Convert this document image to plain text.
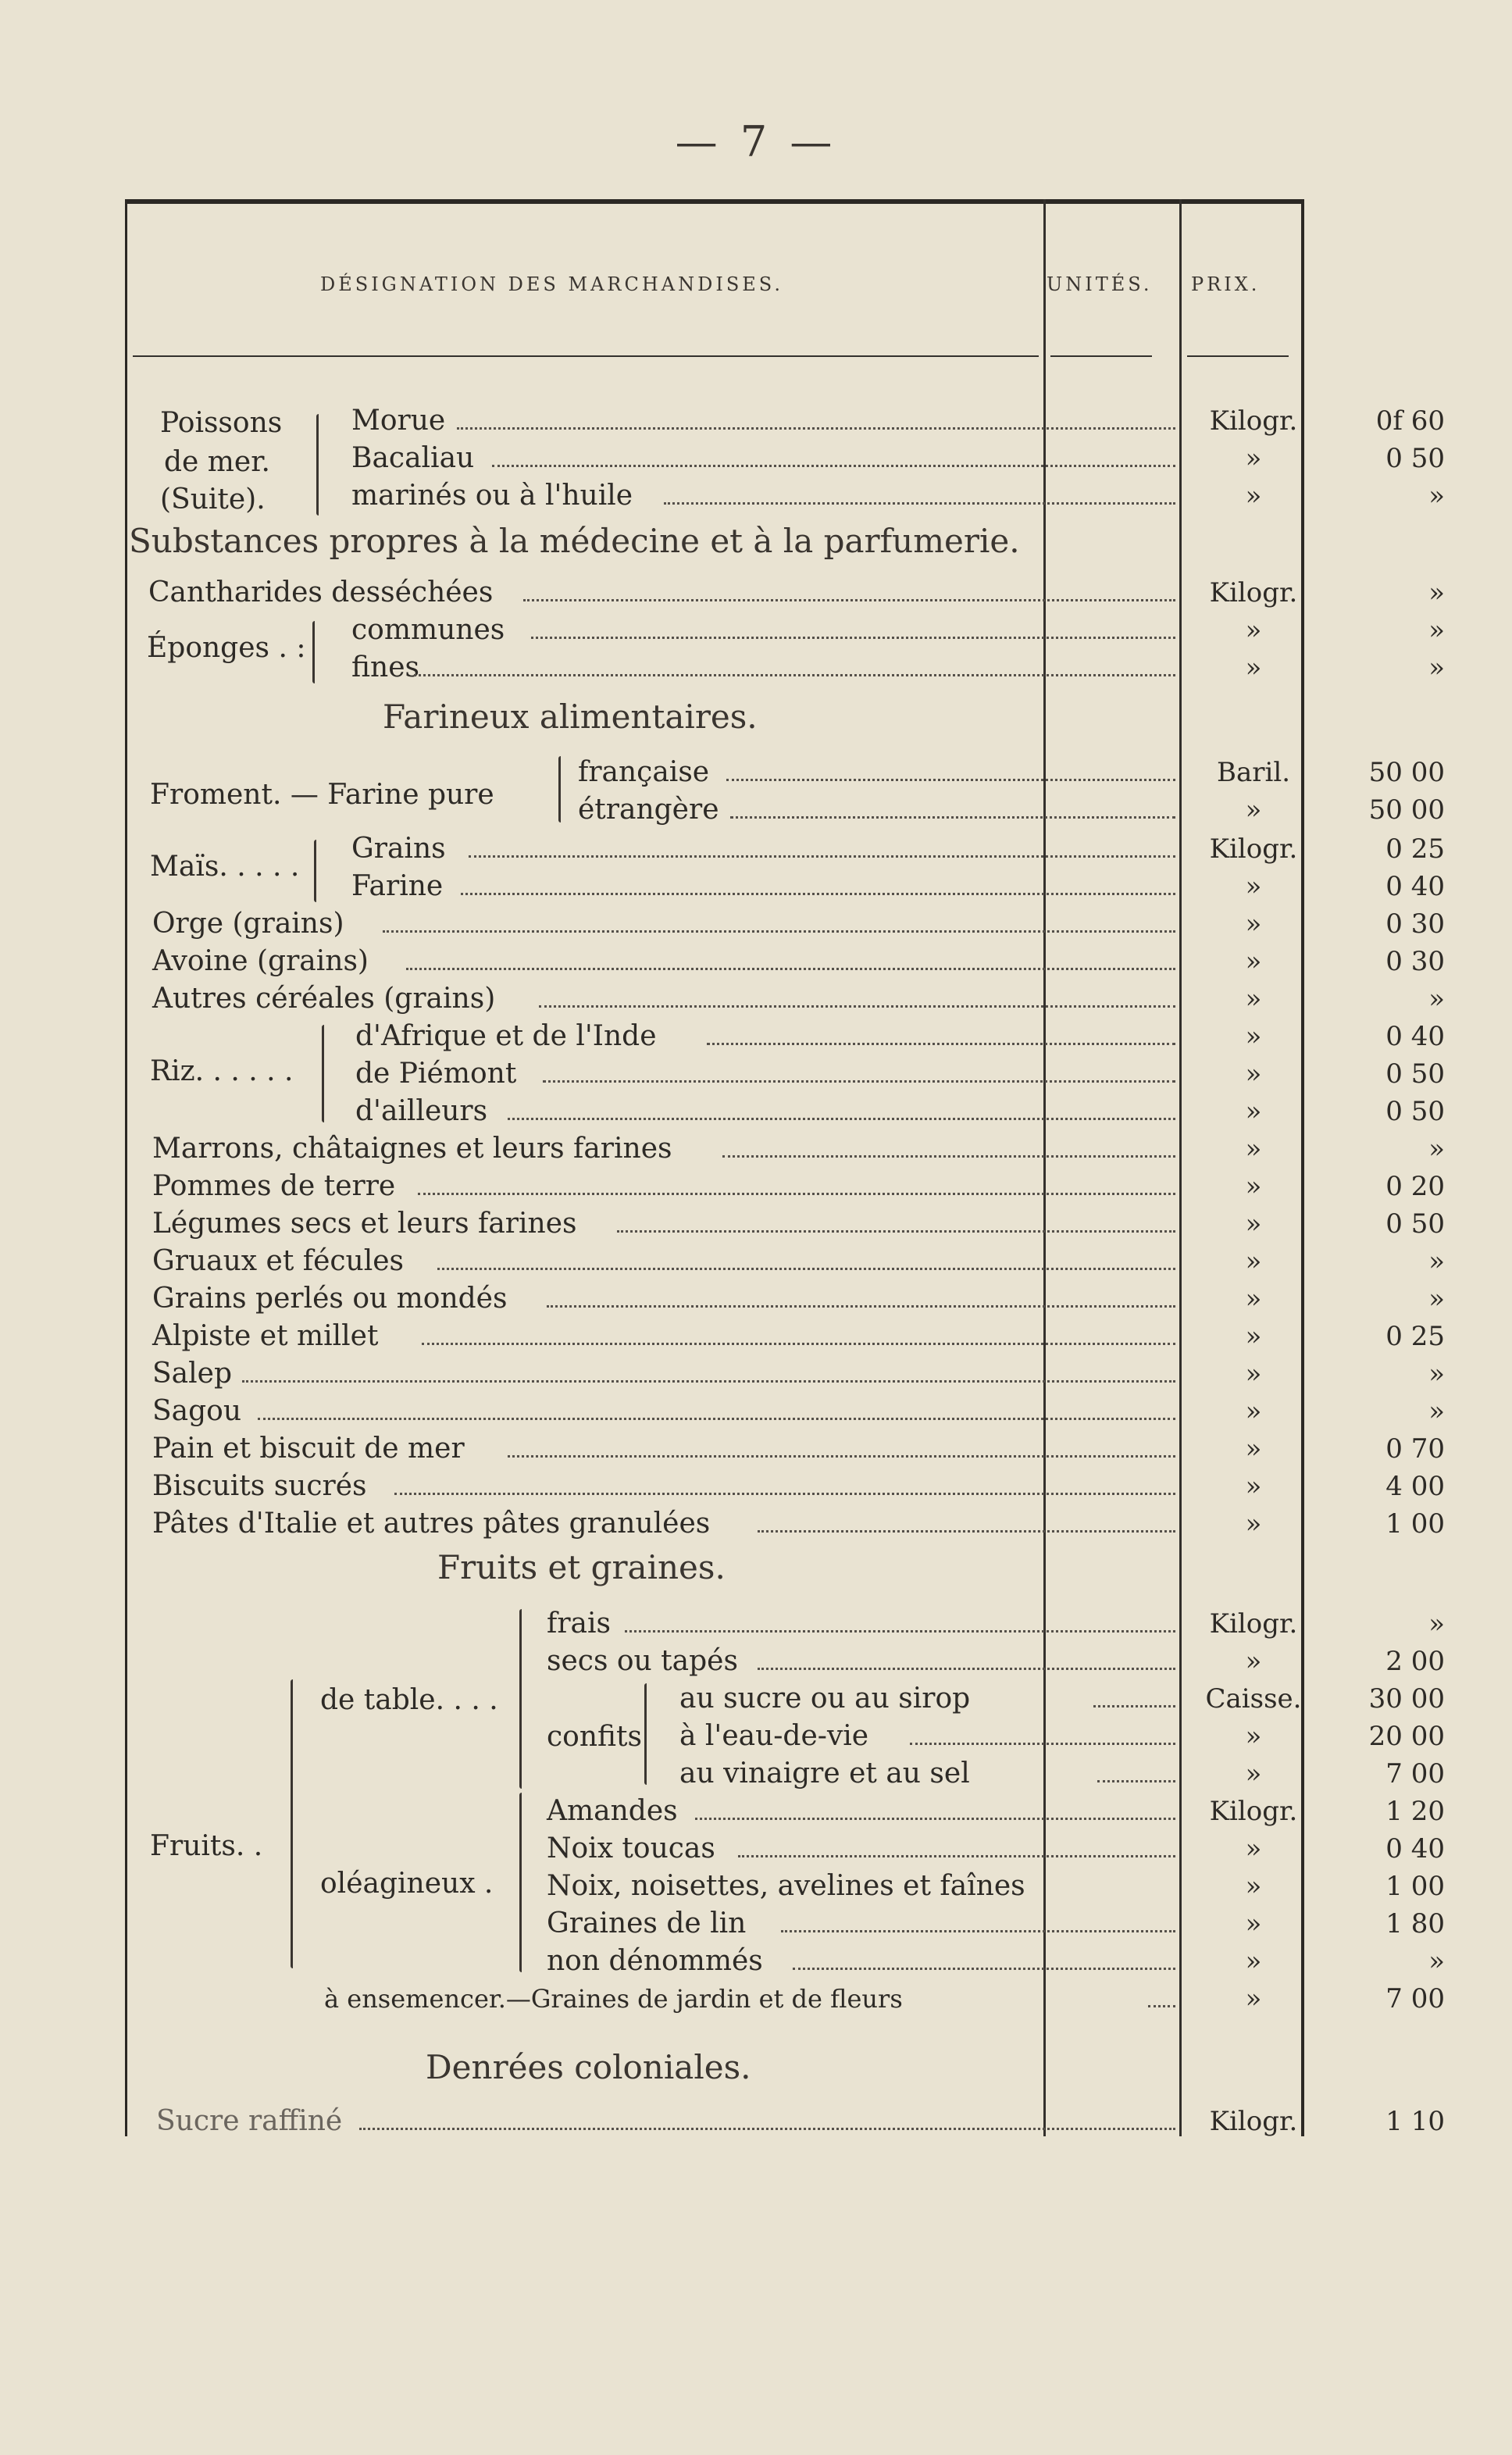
— 7 —
DÉSIGNATION DES MARCHANDISES.	UNITÉS. PRIX.
Poissons
de mer.
(Suite).
Morue	Kilogr.	0f 60
Bacaliau	»	0 50
marinés ou à l'huile	»	»
Substances propres à la médecine et à la parfumerie.
Cantharides desséchées	Kilogr.	»
Éponges . :
communes	»	»
fines	»	»
Farineux alimentaires.
Froment. — Farine pure
française	Baril.	50 00
étrangère	»	50 00
Maïs. . . . .
Grains	Kilogr.	0 25
Farine	»	0 40
Orge (grains)	»	0 30
Avoine (grains)	»	0 30
Autres céréales (grains)	»	»
Riz. . . . . .
d'Afrique et de l'Inde	»	0 40
de Piémont	»	0 50
d'ailleurs	»	0 50
Marrons, châtaignes et leurs farines	»	»
Pommes de terre	»	0 20
Légumes secs et leurs farines	»	0 50
Gruaux et fécules	»	»
Grains perlés ou mondés	»	»
Alpiste et millet	»	0 25
Salep	»	»
Sagou	»	»
Pain et biscuit de mer	»	0 70
Biscuits sucrés	»	4 00
Pâtes d'Italie et autres pâtes granulées	»	1 00
Fruits et graines.
Fruits. .
de table. . . .
confits
oléagineux .
frais	Kilogr.	»
secs ou tapés	»	2 00
au sucre ou au sirop	Caisse.	30 00
à l'eau-de-vie	»	20 00
au vinaigre et au sel	»	7 00
Amandes	Kilogr.	1 20
Noix toucas	»	0 40
Noix, noisettes, avelines et faînes	»	1 00
Graines de lin	»	1 80
non dénommés	»	»
à ensemencer.—Graines de jardin et de fleurs	»	7 00
Denrées coloniales.
Sucre raffiné	Kilogr.	1 10
